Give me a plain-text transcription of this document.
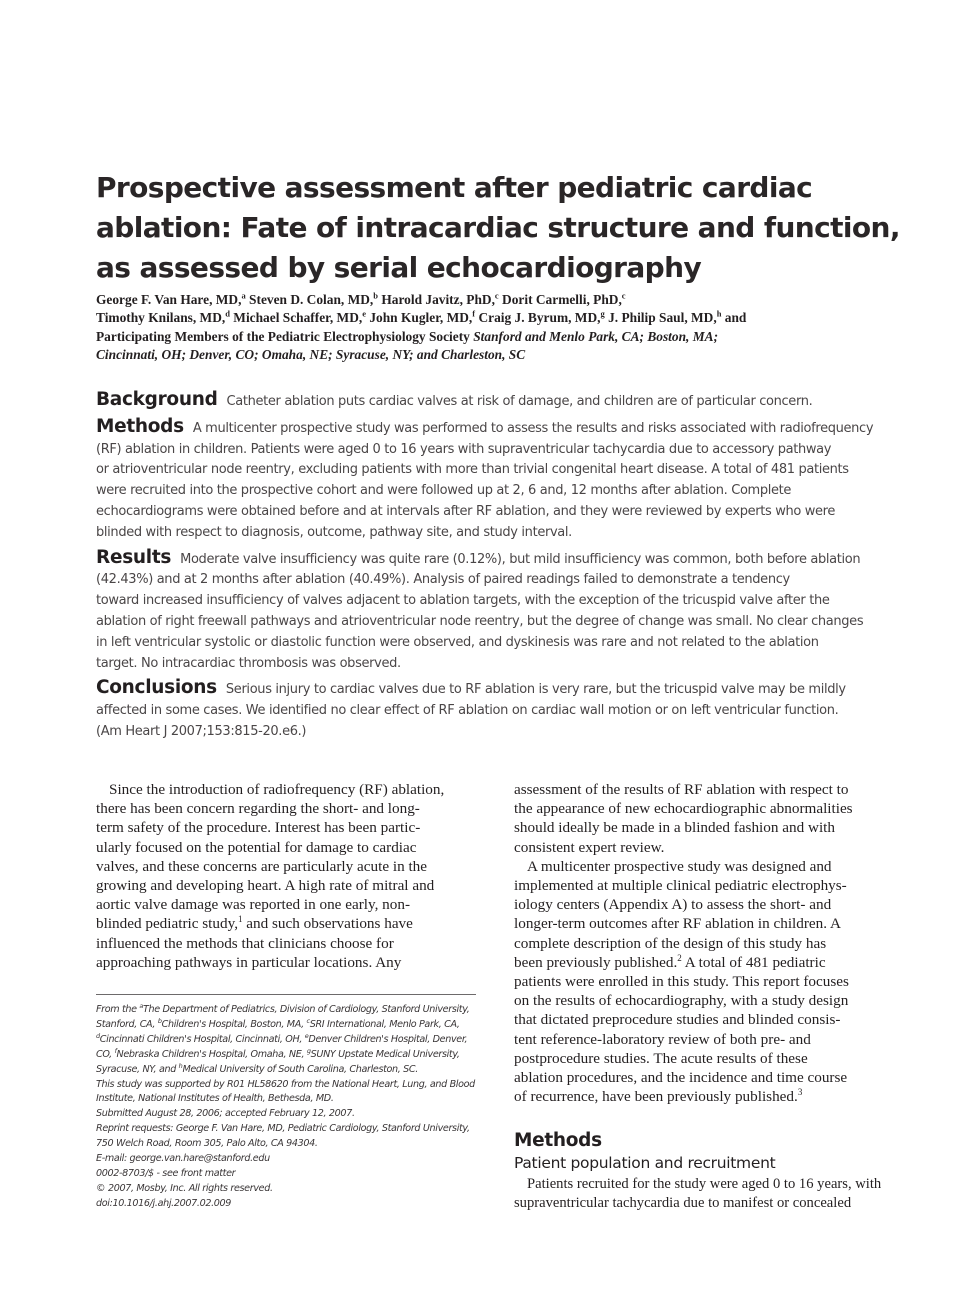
Prospective assessment after pediatric cardiac
ablation: Fate of intracardiac structure and function,
as assessed by serial echocardiography
George F. Van Hare, MD,$^a$ Steven D. Colan, MD,$^b$ Harold Javitz, PhD,$^c$ Dorit Carmelli, PhD,$^c$
Timothy Knilans, MD,$^d$ Michael Schaffer, MD,$^e$ John Kugler, MD,$^f$ Craig J. Byrum, MD,$^g$ J. Philip Saul, MD,$^h$ and
Participating Members of the Pediatric Electrophysiology Society Stanford and Menlo Park, CA; Boston, MA;
Cincinnati, OH; Denver, CO; Omaha, NE; Syracuse, NY; and Charleston, SC
Background Catheter ablation puts cardiac valves at risk of damage, and children are of particular concern.
Methods A multicenter prospective study was performed to assess the results and risks associated with radiofrequency
(RF) ablation in children. Patients were aged 0 to 16 years with supraventricular tachycardia due to accessory pathway
or atrioventricular node reentry, excluding patients with more than trivial congenital heart disease. A total of 481 patients
were recruited into the prospective cohort and were followed up at 2, 6 and, 12 months after ablation. Complete
echocardiograms were obtained before and at intervals after RF ablation, and they were reviewed by experts who were
blinded with respect to diagnosis, outcome, pathway site, and study interval.
Results Moderate valve insufficiency was quite rare (0.12%), but mild insufficiency was common, both before ablation
(42.43%) and at 2 months after ablation (40.49%). Analysis of paired readings failed to demonstrate a tendency
toward increased insufficiency of valves adjacent to ablation targets, with the exception of the tricuspid valve after the
ablation of right freewall pathways and atrioventricular node reentry, but the degree of change was small. No clear changes
in left ventricular systolic or diastolic function were observed, and dyskinesis was rare and not related to the ablation
target. No intracardiac thrombosis was observed.
Conclusions Serious injury to cardiac valves due to RF ablation is very rare, but the tricuspid valve may be mildly
affected in some cases. We identified no clear effect of RF ablation on cardiac wall motion or on left ventricular function.
(Am Heart J 2007;153:815-20.e6.)
Since the introduction of radiofrequency (RF) ablation,
there has been concern regarding the short- and long-
term safety of the procedure. Interest has been partic-
ularly focused on the potential for damage to cardiac
valves, and these concerns are particularly acute in the
growing and developing heart. A high rate of mitral and
aortic valve damage was reported in one early, non-
blinded pediatric study,$^1$ and such observations have
influenced the methods that clinicians choose for
approaching pathways in particular locations. Any
From the $^a$The Department of Pediatrics, Division of Cardiology, Stanford University,
Stanford, CA, $^b$Children's Hospital, Boston, MA, $^c$SRI International, Menlo Park, CA,
$^d$Cincinnati Children's Hospital, Cincinnati, OH, $^e$Denver Children's Hospital, Denver,
CO, $^f$Nebraska Children's Hospital, Omaha, NE, $^g$SUNY Upstate Medical University,
Syracuse, NY, and $^h$Medical University of South Carolina, Charleston, SC.
This study was supported by R01 HL58620 from the National Heart, Lung, and Blood
Institute, National Institutes of Health, Bethesda, MD.
Submitted August 28, 2006; accepted February 12, 2007.
Reprint requests: George F. Van Hare, MD, Pediatric Cardiology, Stanford University,
750 Welch Road, Room 305, Palo Alto, CA 94304.
E-mail: george.van.hare@stanford.edu
0002-8703/$ - see front matter
© 2007, Mosby, Inc. All rights reserved.
doi:10.1016/j.ahj.2007.02.009
assessment of the results of RF ablation with respect to
the appearance of new echocardiographic abnormalities
should ideally be made in a blinded fashion and with
consistent expert review.
A multicenter prospective study was designed and
implemented at multiple clinical pediatric electrophys-
iology centers (Appendix A) to assess the short- and
longer-term outcomes after RF ablation in children. A
complete description of the design of this study has
been previously published.$^2$ A total of 481 pediatric
patients were enrolled in this study. This report focuses
on the results of echocardiography, with a study design
that dictated preprocedure studies and blinded consis-
tent reference-laboratory review of both pre- and
postprocedure studies. The acute results of these
ablation procedures, and the incidence and time course
of recurrence, have been previously published.$^3$
Methods
Patient population and recruitment
Patients recruited for the study were aged 0 to 16 years, with
supraventricular tachycardia due to manifest or concealed
